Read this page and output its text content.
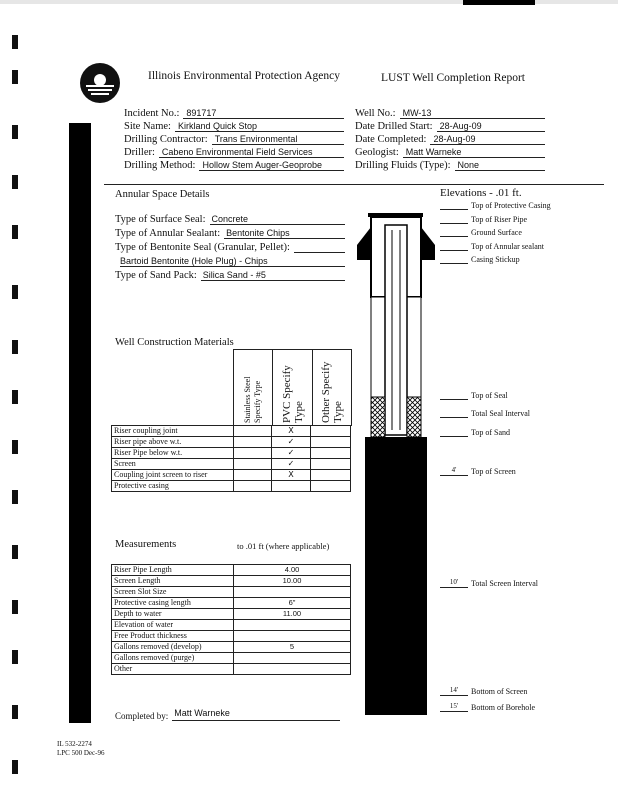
Illinois Environmental Protection Agency	LUST Well Completion Report
Incident No.: 891717
Site Name: Kirkland Quick Stop
Drilling Contractor: Trans Environmental
Driller: Cabeno Environmental Field Services
Drilling Method: Hollow Stem Auger-Geoprobe
Well No.: MW-13
Date Drilled Start: 28-Aug-09
Date Completed: 28-Aug-09
Geologist: Matt Warneke
Drilling Fluids (Type): None
Annular Space Details
Type of Surface Seal: Concrete
Type of Annular Sealant: Bentonite Chips
Type of Bentonite Seal (Granular, Pellet):
Bartoid Bentonite (Hole Plug) - Chips
Type of Sand Pack: Silica Sand - #5
Elevations - .01 ft.
Top of Protective Casing
Top of Riser Pipe
Ground Surface
Top of Annular sealant
Casing Stickup
Top of Seal
Total Seal Interval
Top of Sand
4'	Top of Screen
10'	Total Screen Interval
14'	Bottom of Screen
15'	Bottom of Borehole
Well Construction Materials
Stainless Steel Specify Type PVC Specify Type Other Specify Type
Riser coupling joint		X	
Riser pipe above w.t.		✓	
Riser Pipe below w.t.		✓	
Screen		✓	
Coupling joint screen to riser		X	
Protective casing			
Measurements	to .01 ft (where applicable)
Riser Pipe Length	4.00
Screen Length	10.00
Screen Slot Size	
Protective casing length	6"
Depth to water	11.00
Elevation of water	
Free Product thickness	
Gallons removed (develop)	5
Gallons removed (purge)	
Other	
Completed by: Matt Warneke
IL 532-2274
LPC 500 Dec-96
